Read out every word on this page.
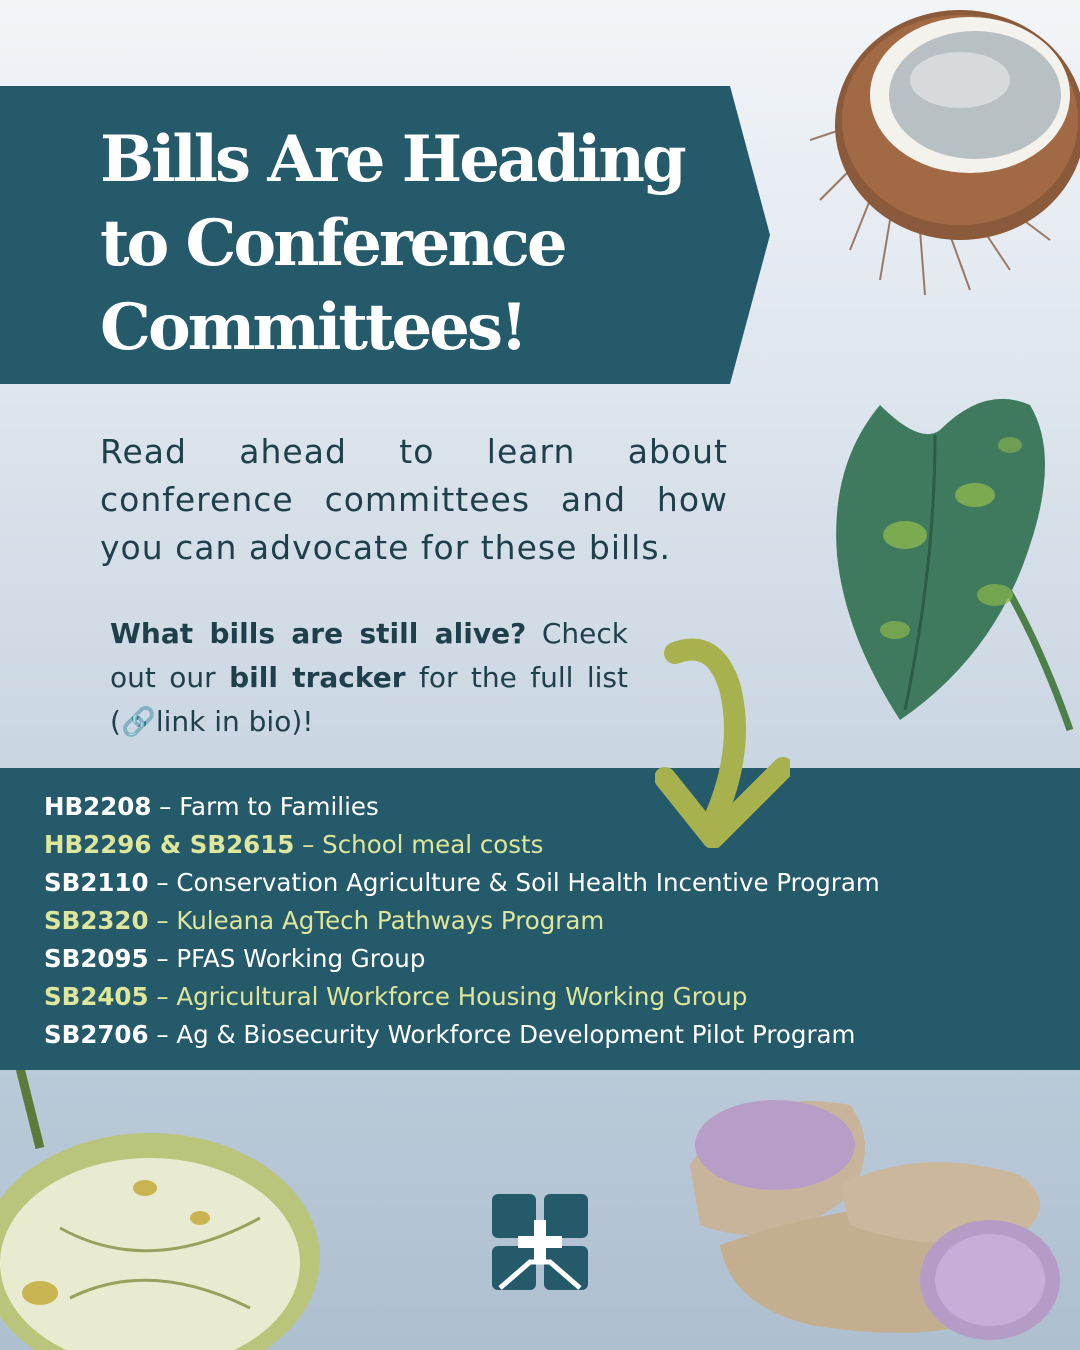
Bills Are Heading to Conference Committees!

Read ahead to learn about conference committees and how you can advocate for these bills.

What bills are still alive? Check out our bill tracker for the full list (🔗link in bio)!

HB2208 – Farm to Families
HB2296 & SB2615 – School meal costs
SB2110 – Conservation Agriculture & Soil Health Incentive Program
SB2320 – Kuleana AgTech Pathways Program
SB2095 – PFAS Working Group
SB2405 – Agricultural Workforce Housing Working Group
SB2706 – Ag & Biosecurity Workforce Development Pilot Program
